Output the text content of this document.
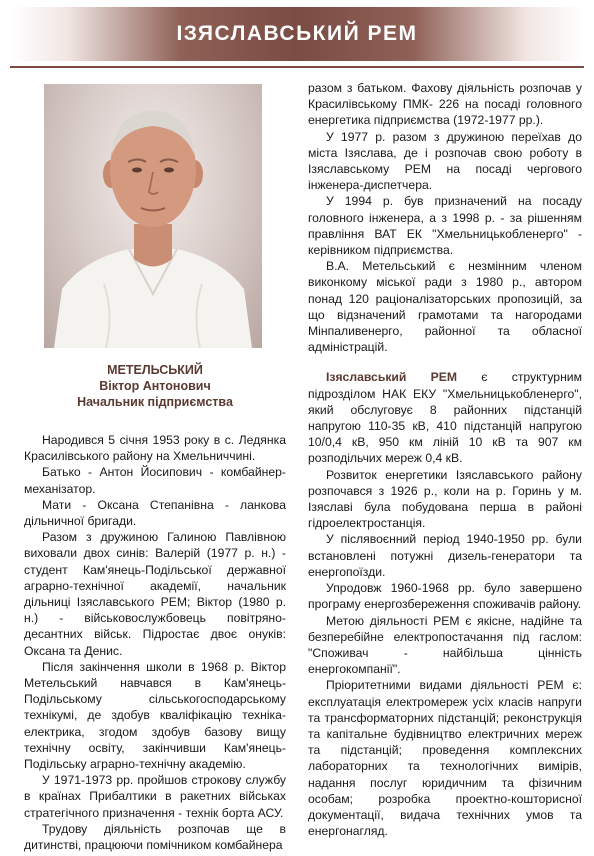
ІЗЯСЛАВСЬКИЙ РЕМ
МЕТЕЛЬСЬКИЙ
Віктор Антонович
Начальник підприємства

Народився 5 січня 1953 року в с. Ледянка Красилівського району на Хмельниччині.

Батько - Антон Йосипович - комбайнер-механізатор.

Мати - Оксана Степанівна - ланкова дільничної бригади.

Разом з дружиною Галиною Павлівною виховали двох синів: Валерій (1977 р. н.) - студент Кам'янець-Подільської державної аграрно-технічної академії, начальник дільниці Ізяславського РЕМ; Віктор (1980 р. н.) - військовослужбовець повітряно-десантних військ. Підростає двоє онуків: Оксана та Денис.

Після закінчення школи в 1968 р. Віктор Метельський навчався в Кам'янець-Подільському сільськогосподарському технікумі, де здобув кваліфікацію техніка-електрика, згодом здобув базову вищу технічну освіту, закінчивши Кам'янець-Подільську аграрно-технічну академію.

У 1971-1973 рр. пройшов строкову службу в країнах Прибалтики в ракетних військах стратегічного призначення - технік борта АСУ.

Трудову діяльність розпочав ще в дитинстві, працюючи помічником комбайнера

разом з батьком. Фахову діяльність розпочав у Красилівському ПМК- 226 на посаді головного енергетика підприємства (1972-1977 рр.).

У 1977 р. разом з дружиною переїхав до міста Ізяслава, де і розпочав свою роботу в Ізяславському РЕМ на посаді чергового інженера-диспетчера.

У 1994 р. був призначений на посаду головного інженера, а з 1998 р. - за рішенням правління ВАТ ЕК "Хмельницькобленерго" - керівником підприємства.

В.А. Метельський є незмінним членом виконкому міської ради з 1980 р., автором понад 120 раціоналізаторських пропозицій, за що відзначений грамотами та нагородами Мінпаливенерго, районної та обласної адміністрацій.

Ізяславський РЕМ є структурним підрозділом НАК ЕКУ "Хмельницькобленерго", який обслуговує 8 районних підстанцій напругою 110-35 кВ, 410 підстанцій напругою 10/0,4 кВ, 950 км ліній 10 кВ та 907 км розподільчих мереж 0,4 кВ.

Розвиток енергетики Ізяславського району розпочався з 1926 р., коли на р. Горинь у м. Ізяславі була побудована перша в районі гідроелектростанція.

У післявоєнний період 1940-1950 рр. були встановлені потужні дизель-генератори та енергопоїзди.

Упродовж 1960-1968 рр. було завершено програму енергозбереження споживачів району.

Метою діяльності РЕМ є якісне, надійне та безперебійне електропостачання під гаслом: "Споживач - найбільша цінність енергокомпанії".

Пріоритетними видами діяльності РЕМ є: експлуатація електромереж усіх класів напруги та трансформаторних підстанцій; реконструкція та капітальне будівництво електричних мереж та підстанцій; проведення комплексних лабораторних та технологічних вимірів, надання послуг юридичним та фізичним особам; розробка проектно-кошторисної документації, видача технічних умов та енергонагляд.
